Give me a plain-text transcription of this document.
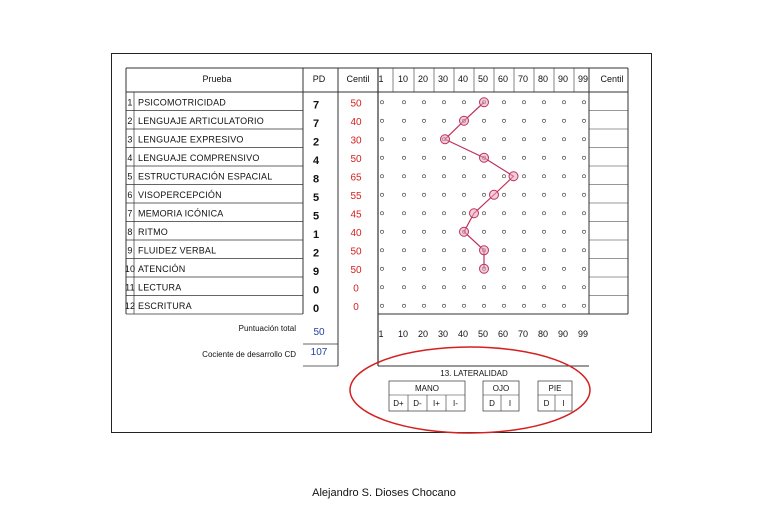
Prueba	PD Centil	Centil
1 10 20 30 40 50 60 70 80 90 99
1 10 20 30 40 50 60 70 80 90 99
1 PSICOMOTRICIDAD	7	50
2 LENGUAJE ARTICULATORIO	7	40
3 LENGUAJE EXPRESIVO	2	30
4 LENGUAJE COMPRENSIVO	4	50
5 ESTRUCTURACIÓN ESPACIAL	8	65
6 VISOPERCEPCIÓN	5	55
7 MEMORIA ICÓNICA	5	45
8 RITMO	1	40
9 FLUIDEZ VERBAL	2	50
10 ATENCIÓN	9	50
11 LECTURA	0	0
12 ESCRITURA	0	0
Puntuación total 50
Cociente de desarrollo CD 107
13. LATERALIDAD
MANO
D+ D- I+ I-
OJO
D I
PIE
D I
Alejandro S. Dioses Chocano
